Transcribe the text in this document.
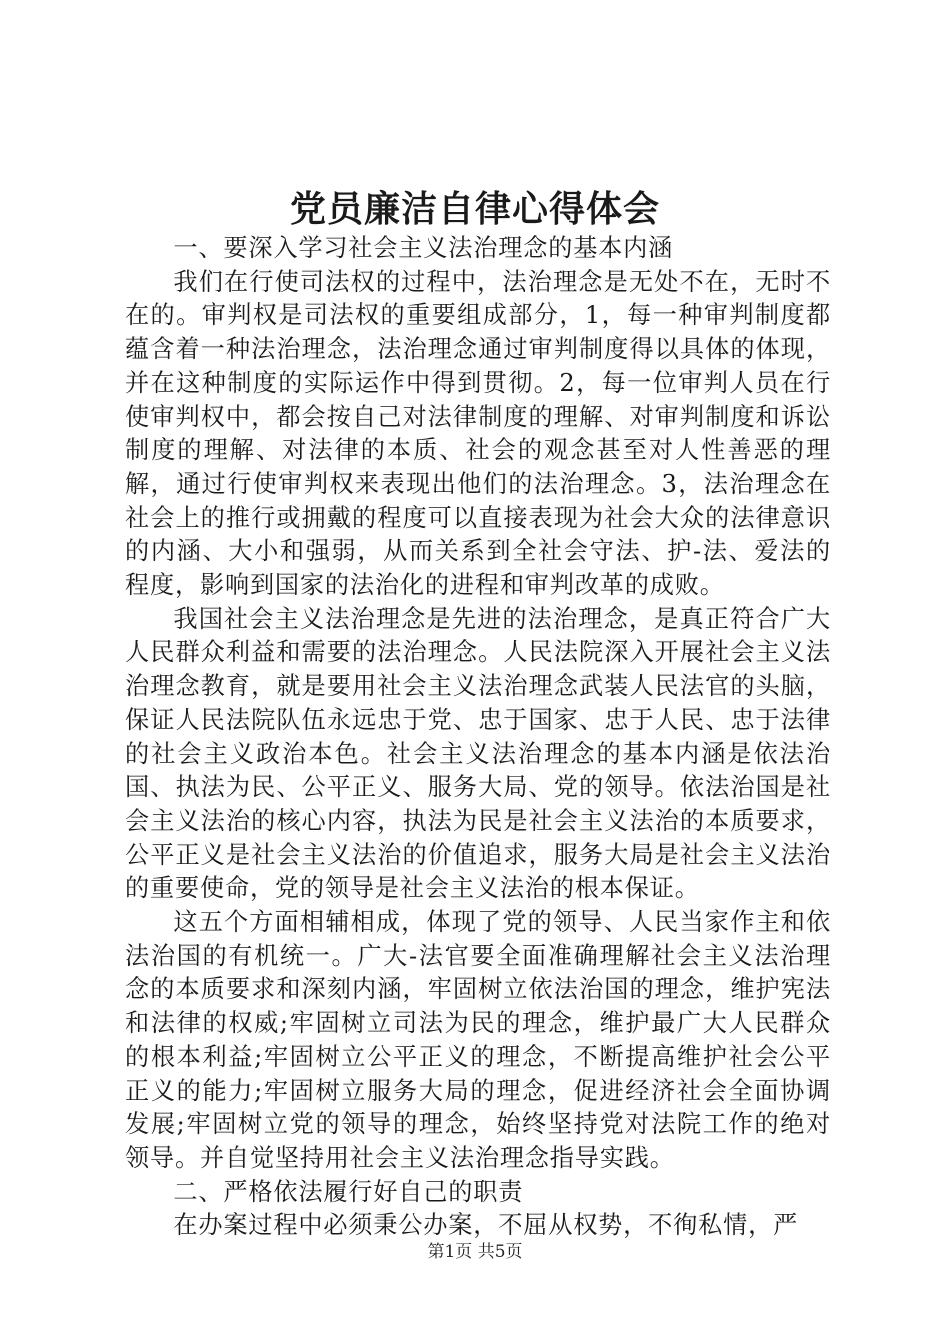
党员廉洁自律心得体会

一、要深入学习社会主义法治理念的基本内涵

我们在行使司法权的过程中，法治理念是无处不在，无时不在的。审判权是司法权的重要组成部分，1，每一种审判制度都蕴含着一种法治理念，法治理念通过审判制度得以具体的体现，并在这种制度的实际运作中得到贯彻。2，每一位审判人员在行使审判权中，都会按自己对法律制度的理解、对审判制度和诉讼制度的理解、对法律的本质、社会的观念甚至对人性善恶的理解，通过行使审判权来表现出他们的法治理念。3，法治理念在社会上的推行或拥戴的程度可以直接表现为社会大众的法律意识的内涵、大小和强弱，从而关系到全社会守法、护-法、爱法的程度，影响到国家的法治化的进程和审判改革的成败。

我国社会主义法治理念是先进的法治理念，是真正符合广大人民群众利益和需要的法治理念。人民法院深入开展社会主义法治理念教育，就是要用社会主义法治理念武装人民法官的头脑，保证人民法院队伍永远忠于党、忠于国家、忠于人民、忠于法律的社会主义政治本色。社会主义法治理念的基本内涵是依法治国、执法为民、公平正义、服务大局、党的领导。依法治国是社会主义法治的核心内容，执法为民是社会主义法治的本质要求，公平正义是社会主义法治的价值追求，服务大局是社会主义法治的重要使命，党的领导是社会主义法治的根本保证。

这五个方面相辅相成，体现了党的领导、人民当家作主和依法治国的有机统一。广大-法官要全面准确理解社会主义法治理念的本质要求和深刻内涵，牢固树立依法治国的理念，维护宪法和法律的权威;牢固树立司法为民的理念，维护最广大人民群众的根本利益;牢固树立公平正义的理念，不断提高维护社会公平正义的能力;牢固树立服务大局的理念，促进经济社会全面协调发展;牢固树立党的领导的理念，始终坚持党对法院工作的绝对领导。并自觉坚持用社会主义法治理念指导实践。

二、严格依法履行好自己的职责

在办案过程中必须秉公办案，不屈从权势，不徇私情，严

第1页 共5页
